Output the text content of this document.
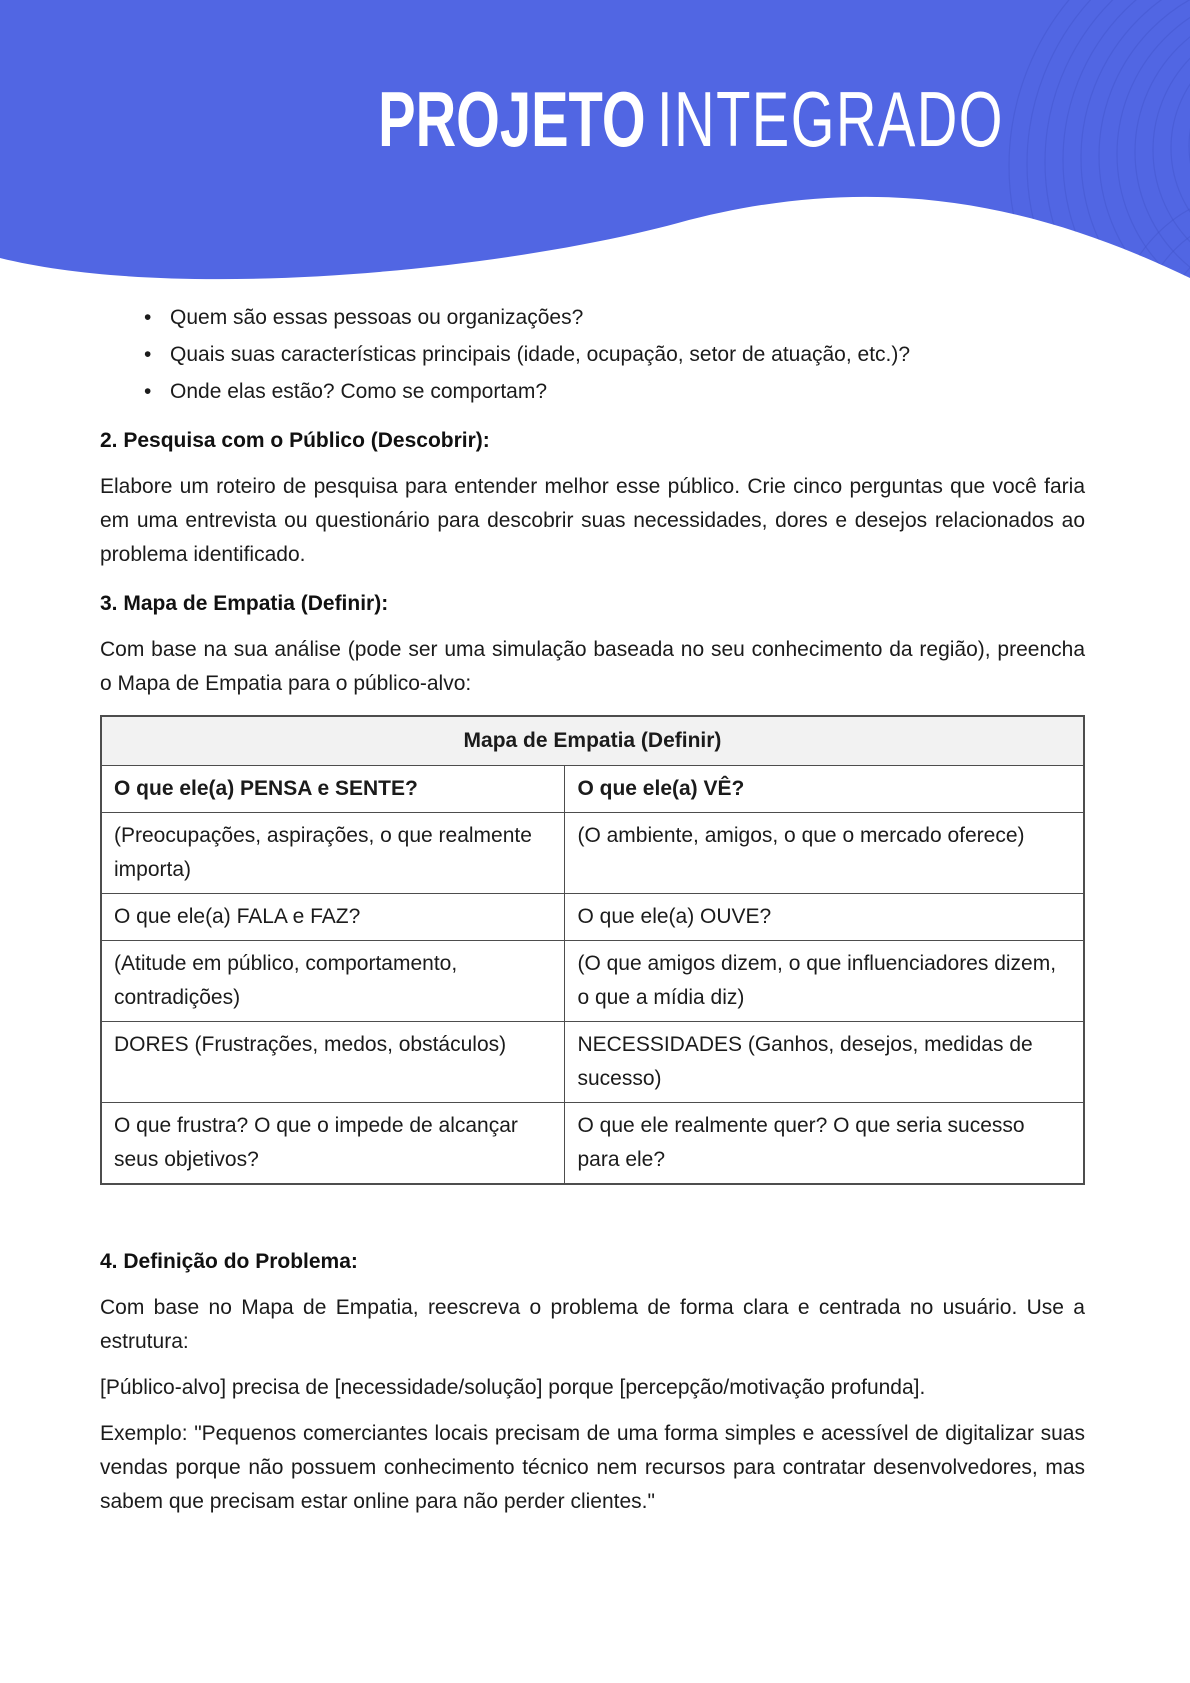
PROJETO INTEGRADO
• Quem são essas pessoas ou organizações?
• Quais suas características principais (idade, ocupação, setor de atuação, etc.)?
• Onde elas estão? Como se comportam?
2. Pesquisa com o Público (Descobrir):

Elabore um roteiro de pesquisa para entender melhor esse público. Crie cinco perguntas que você faria em uma entrevista ou questionário para descobrir suas necessidades, dores e desejos relacionados ao problema identificado.

3. Mapa de Empatia (Definir):

Com base na sua análise (pode ser uma simulação baseada no seu conhecimento da região), preencha o Mapa de Empatia para o público-alvo:

Mapa de Empatia (Definir)	
O que ele(a) PENSA e SENTE?	O que ele(a) VÊ?
(Preocupações, aspirações, o que realmente importa)	(O ambiente, amigos, o que o mercado oferece)
O que ele(a) FALA e FAZ?	O que ele(a) OUVE?
(Atitude em público, comportamento, contradições)	(O que amigos dizem, o que influenciadores dizem, o que a mídia diz)
DORES (Frustrações, medos, obstáculos)	NECESSIDADES (Ganhos, desejos, medidas de sucesso)
O que frustra? O que o impede de alcançar seus objetivos?	O que ele realmente quer? O que seria sucesso para ele?
4. Definição do Problema:

Com base no Mapa de Empatia, reescreva o problema de forma clara e centrada no usuário. Use a estrutura:

[Público-alvo] precisa de [necessidade/solução] porque [percepção/motivação profunda].

Exemplo: "Pequenos comerciantes locais precisam de uma forma simples e acessível de digitalizar suas vendas porque não possuem conhecimento técnico nem recursos para contratar desenvolvedores, mas sabem que precisam estar online para não perder clientes."
